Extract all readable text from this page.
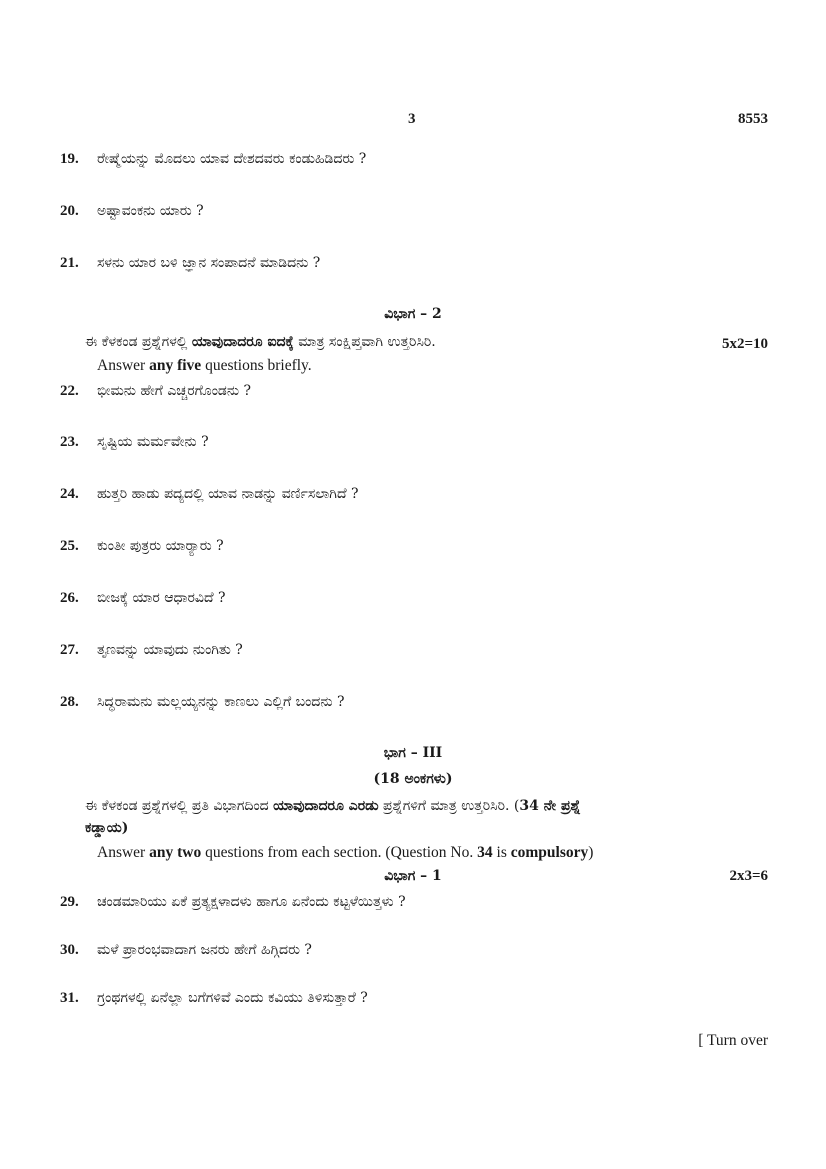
3	8553
19. ರೇಷ್ಮೆಯನ್ನು ಮೊದಲು ಯಾವ ದೇಶದವರು ಕಂಡುಹಿಡಿದರು ?
20. ಅಷ್ಟಾವಂಕನು ಯಾರು ?
21. ಸಳನು ಯಾರ ಬಳಿ ಜ್ಞಾನ ಸಂಪಾದನೆ ಮಾಡಿದನು ?
ವಿಭಾಗ – 2
ಈ ಕೆಳಕಂಡ ಪ್ರಶ್ನೆಗಳಲ್ಲಿ ಯಾವುದಾದರೂ ಐದಕ್ಕೆ ಮಾತ್ರ ಸಂಕ್ಷಿಪ್ತವಾಗಿ ಉತ್ತರಿಸಿರಿ.	5x2=10
Answer any five questions briefly.
22. ಭೀಮನು ಹೇಗೆ ಎಚ್ಚರಗೊಂಡನು ?
23. ಸೃಷ್ಟಿಯ ಮರ್ಮವೇನು ?
24. ಹುತ್ತರಿ ಹಾಡು ಪದ್ಯದಲ್ಲಿ ಯಾವ ನಾಡನ್ನು ವರ್ಣಿಸಲಾಗಿದೆ ?
25. ಕುಂತೀ ಪುತ್ರರು ಯಾರ್‍ಯಾರು ?
26. ಬೀಜಕ್ಕೆ ಯಾರ ಆಧಾರವಿದೆ ?
27. ತೃಣವನ್ನು ಯಾವುದು ನುಂಗಿತು ?
28. ಸಿದ್ಧರಾಮನು ಮಲ್ಲಯ್ಯನನ್ನು ಕಾಣಲು ಎಲ್ಲಿಗೆ ಬಂದನು ?
ಭಾಗ – III
(18 ಅಂಕಗಳು)
ಈ ಕೆಳಕಂಡ ಪ್ರಶ್ನೆಗಳಲ್ಲಿ ಪ್ರತಿ ವಿಭಾಗದಿಂದ ಯಾವುದಾದರೂ ಎರಡು ಪ್ರಶ್ನೆಗಳಿಗೆ ಮಾತ್ರ ಉತ್ತರಿಸಿರಿ. (34 ನೇ ಪ್ರಶ್ನೆ
ಕಡ್ಡಾಯ)
Answer any two questions from each section. (Question No. 34 is compulsory)
ವಿಭಾಗ – 1	2x3=6
29. ಚಂಡಮಾರಿಯು ಏಕೆ ಪ್ರತ್ಯಕ್ಷಳಾದಳು ಹಾಗೂ ಏನೆಂದು ಕಟ್ಟಳೆಯಿತ್ತಳು ?
30. ಮಳೆ ಪ್ರಾರಂಭವಾದಾಗ ಜನರು ಹೇಗೆ ಹಿಗ್ಗಿದರು ?
31. ಗ್ರಂಥಗಳಲ್ಲಿ ಏನೆಲ್ಲಾ ಬಗೆಗಳಿವೆ ಎಂದು ಕವಿಯು ತಿಳಿಸುತ್ತಾರೆ ?
[ Turn over
